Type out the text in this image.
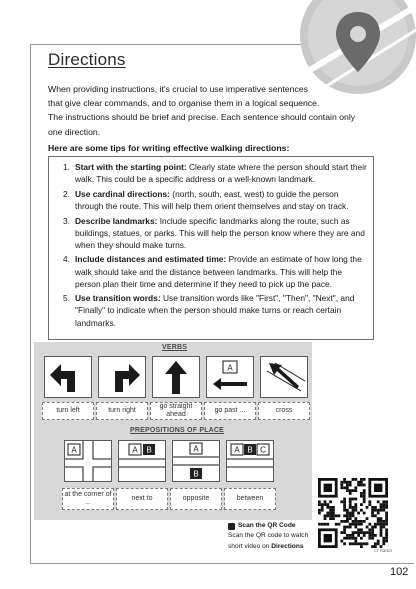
Directions

When providing instructions, it's crucial to use imperative sentences

that give clear commands, and to organise them in a logical sequence.

The instructions should be brief and precise. Each sentence should contain only

one direction.

Here are some tips for writing effective walking directions:
1. Start with the starting point: Clearly state where the person should start their walk. This could be a specific address or a well-known landmark.
2. Use cardinal directions: (north, south, east, west) to guide the person through the route. This will help them orient themselves and stay on track.
3. Describe landmarks: Include specific landmarks along the route, such as buildings, statues, or parks. This will help the person know where they are and when they should make turns.
4. Include distances and estimated time: Provide an estimate of how long the walk should take and the distance between landmarks. This will help the person plan their time and determine if they need to pick up the pace.
5. Use transition words: Use transition words like "First", "Then", "Next", and "Finally" to indicate when the person should make turns or reach certain landmarks.
VERBS
A
turn left	turn right
go straight ahead
go past ...	cross
PREPOSITIONS OF PLACE
A	A B	A
B
A B C
at the corner of ...
next to	opposite	between
CT TOECO
Scan the QR Code
Scan the QR code to watch
short video on Directions
102
